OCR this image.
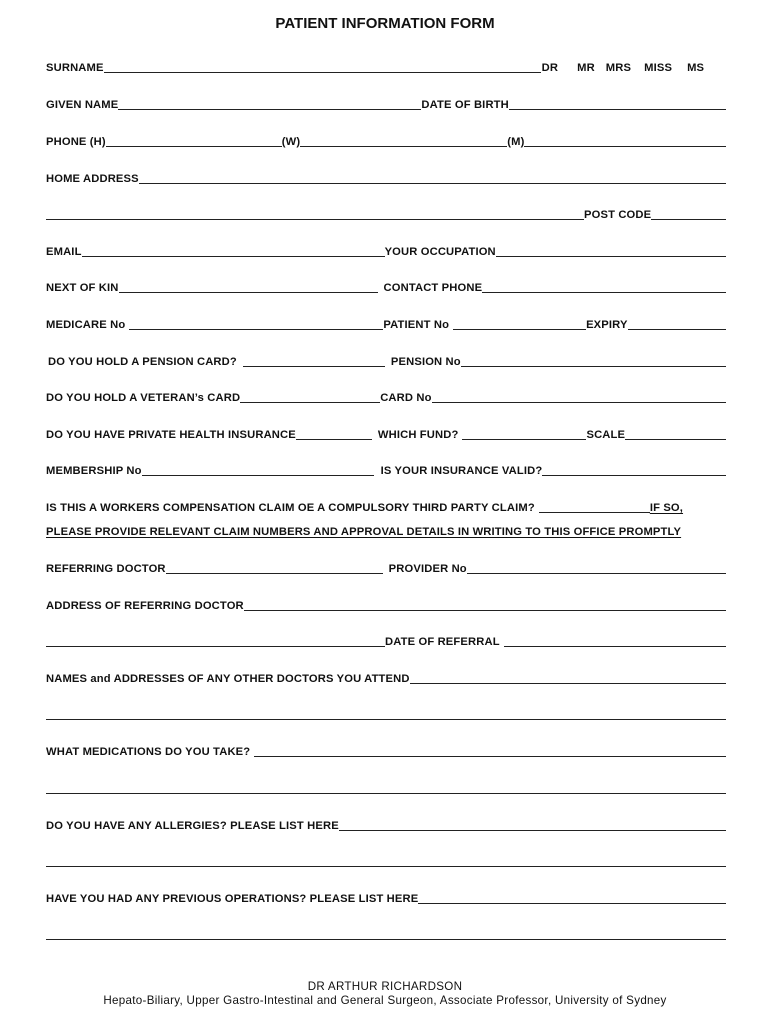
PATIENT INFORMATION FORM
SURNAME	DR MR MRS MISS MS
GIVEN NAME	DATE OF BIRTH
PHONE (H)	(W)	(M)
HOME ADDRESS
POST CODE
EMAIL	YOUR OCCUPATION
NEXT OF KIN	CONTACT PHONE
MEDICARE No	PATIENT No	EXPIRY
DO YOU HOLD A PENSION CARD?	PENSION No
DO YOU HOLD A VETERAN’s CARD	CARD No
DO YOU HAVE PRIVATE HEALTH INSURANCE	WHICH FUND?	SCALE
MEMBERSHIP No	IS YOUR INSURANCE VALID?
IS THIS A WORKERS COMPENSATION CLAIM OE A COMPULSORY THIRD PARTY CLAIM?	IF SO,
PLEASE PROVIDE RELEVANT CLAIM NUMBERS AND APPROVAL DETAILS IN WRITING TO THIS OFFICE PROMPTLY
REFERRING DOCTOR	PROVIDER No
ADDRESS OF REFERRING DOCTOR
DATE OF REFERRAL
NAMES and ADDRESSES OF ANY OTHER DOCTORS YOU ATTEND
WHAT MEDICATIONS DO YOU TAKE?
DO YOU HAVE ANY ALLERGIES? PLEASE LIST HERE
HAVE YOU HAD ANY PREVIOUS OPERATIONS? PLEASE LIST HERE
DR ARTHUR RICHARDSON
Hepato-Biliary, Upper Gastro-Intestinal and General Surgeon, Associate Professor, University of Sydney
